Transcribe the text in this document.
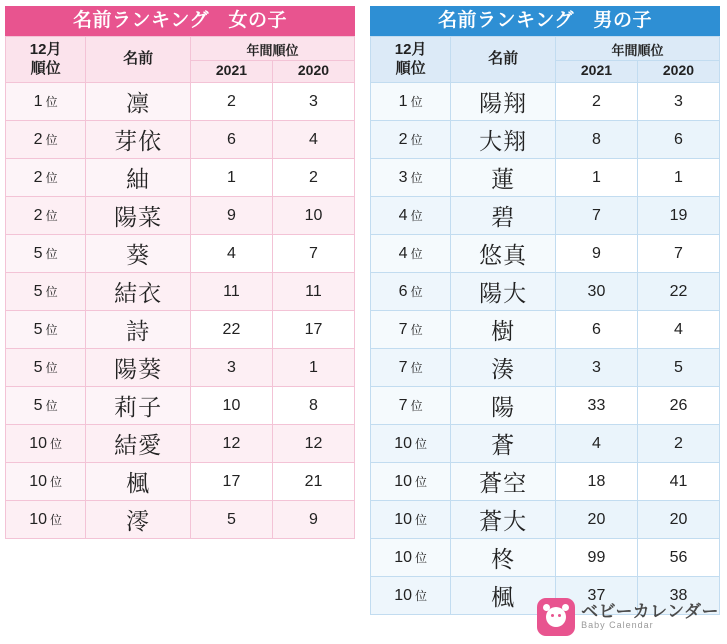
名前ランキング　女の子
12月
順位	名前	年間順位	
		2021	2020
1 位	凛	2	3
2 位	芽依	6	4
2 位	紬	1	2
2 位	陽菜	9	10
5 位	葵	4	7
5 位	結衣	11	11
5 位	詩	22	17
5 位	陽葵	3	1
5 位	莉子	10	8
10 位	結愛	12	12
10 位	楓	17	21
10 位	澪	5	9
名前ランキング　男の子
12月
順位	名前	年間順位	
		2021	2020
1 位	陽翔	2	3
2 位	大翔	8	6
3 位	蓮	1	1
4 位	碧	7	19
4 位	悠真	9	7
6 位	陽大	30	22
7 位	樹	6	4
7 位	湊	3	5
7 位	陽	33	26
10 位	蒼	4	2
10 位	蒼空	18	41
10 位	蒼大	20	20
10 位	柊	99	56
10 位	楓	37	38
ベビーカレンダー
Baby Calendar
